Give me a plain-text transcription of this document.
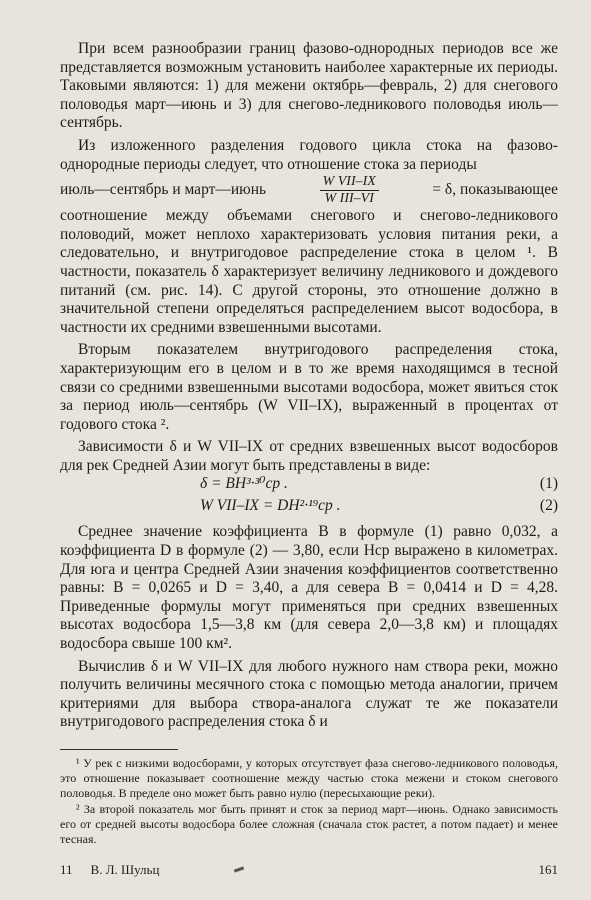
При всем разнообразии границ фазово-однородных периодов все же представляется возможным установить наиболее характерные их периоды. Таковыми являются: 1) для межени октябрь—февраль, 2) для снегового половодья март—июнь и 3) для снегово-ледникового половодья июль—сентябрь.

Из изложенного разделения годового цикла стока на фазово-однородные периоды следует, что отношение стока за периоды

июль—сентябрь и март—июнь	$\frac{\text{W VII–IX}}{\text{W III–VI}}$	= δ, показывающее

соотношение между объемами снегового и снегово-ледникового половодий, может неплохо характеризовать условия питания реки, а следовательно, и внутригодовое распределение стока в целом ¹. В частности, показатель δ характеризует величину ледникового и дождевого питаний (см. рис. 14). С другой стороны, это отношение должно в значительной степени определяться распределением высот водосбора, в частности их средними взвешенными высотами.

Вторым показателем внутригодового распределения стока, характеризующим его в целом и в то же время находящимся в тесной связи со средними взвешенными высотами водосбора, может явиться сток за период июль—сентябрь (W VII–IX), выраженный в процентах от годового стока ².

Зависимости δ и W VII–IX от средних взвешенных высот водосборов для рек Средней Азии могут быть представлены в виде:

δ = BH³·³⁰ср .	(1)
W VII–IX = DH²·¹⁹ср .	(2)

Среднее значение коэффициента B в формуле (1) равно 0,032, а коэффициента D в формуле (2) — 3,80, если Hср выражено в километрах. Для юга и центра Средней Азии значения коэффициентов соответственно равны: B = 0,0265 и D = 3,40, а для севера B = 0,0414 и D = 4,28. Приведенные формулы могут применяться при средних взвешенных высотах водосбора 1,5—3,8 км (для севера 2,0—3,8 км) и площадях водосбора свыше 100 км².

Вычислив δ и W VII–IX для любого нужного нам створа реки, можно получить величины месячного стока с помощью метода аналогии, причем критериями для выбора створа-аналога служат те же показатели внутригодового распределения стока δ и

¹ У рек с низкими водосборами, у которых отсутствует фаза снегово-ледникового половодья, это отношение показывает соотношение между частью стока межени и стоком снегового половодья. В пределе оно может быть равно нулю (пересыхающие реки).

² За второй показатель мог быть принят и сток за период март—июнь. Однако зависимость его от средней высоты водосбора более сложная (сначала сток растет, а потом падает) и менее тесная.

11 В. Л. Шульц	161
